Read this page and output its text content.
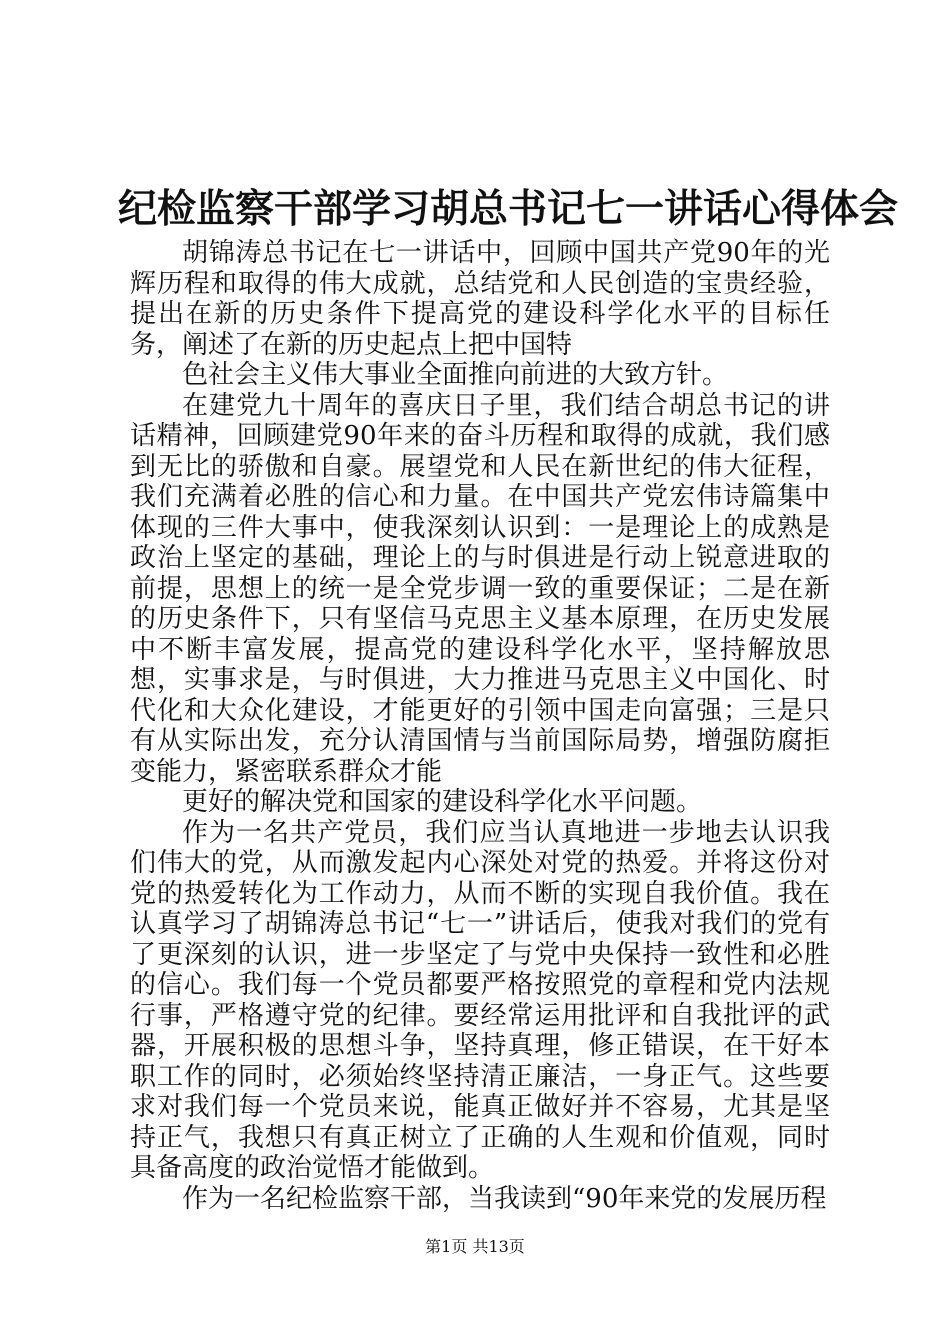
纪检监察干部学习胡总书记七一讲话心得体会

胡锦涛总书记在七一讲话中，回顾中国共产党90年的光辉历程和取得的伟大成就，总结党和人民创造的宝贵经验，提出在新的历史条件下提高党的建设科学化水平的目标任务，阐述了在新的历史起点上把中国特

色社会主义伟大事业全面推向前进的大致方针。

在建党九十周年的喜庆日子里，我们结合胡总书记的讲话精神，回顾建党90年来的奋斗历程和取得的成就，我们感到无比的骄傲和自豪。展望党和人民在新世纪的伟大征程，我们充满着必胜的信心和力量。在中国共产党宏伟诗篇集中体现的三件大事中，使我深刻认识到：一是理论上的成熟是政治上坚定的基础，理论上的与时俱进是行动上锐意进取的前提，思想上的统一是全党步调一致的重要保证；二是在新的历史条件下，只有坚信马克思主义基本原理，在历史发展中不断丰富发展，提高党的建设科学化水平，坚持解放思想，实事求是，与时俱进，大力推进马克思主义中国化、时代化和大众化建设，才能更好的引领中国走向富强；三是只有从实际出发，充分认清国情与当前国际局势，增强防腐拒变能力，紧密联系群众才能

更好的解决党和国家的建设科学化水平问题。

作为一名共产党员，我们应当认真地进一步地去认识我们伟大的党，从而激发起内心深处对党的热爱。并将这份对党的热爱转化为工作动力，从而不断的实现自我价值。我在认真学习了胡锦涛总书记“七一”讲话后，使我对我们的党有了更深刻的认识，进一步坚定了与党中央保持一致性和必胜的信心。我们每一个党员都要严格按照党的章程和党内法规行事，严格遵守党的纪律。要经常运用批评和自我批评的武器，开展积极的思想斗争，坚持真理，修正错误，在干好本职工作的同时，必须始终坚持清正廉洁，一身正气。这些要求对我们每一个党员来说，能真正做好并不容易，尤其是坚持正气，我想只有真正树立了正确的人生观和价值观，同时具备高度的政治觉悟才能做到。

作为一名纪检监察干部，当我读到“90年来党的发展历程

第1页 共13页
